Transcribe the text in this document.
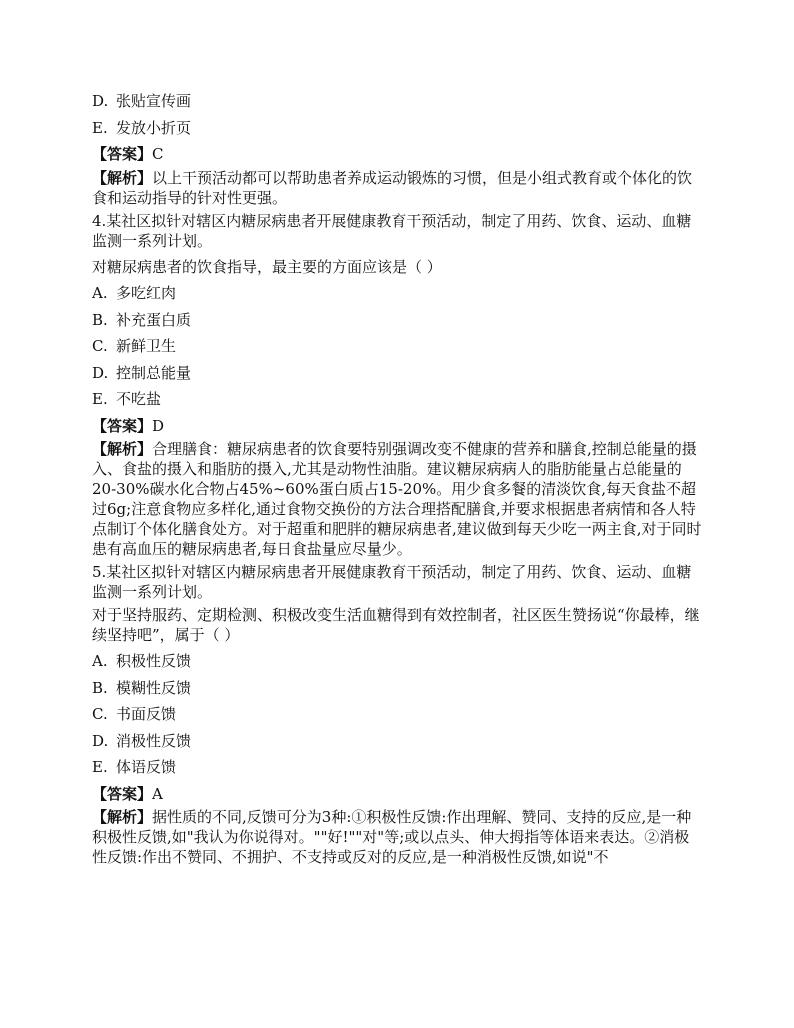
D. 张贴宣传画
E. 发放小折页
【答案】C

【解析】以上干预活动都可以帮助患者养成运动锻炼的习惯，但是小组式教育或个体化的饮食和运动指导的针对性更强。

4.某社区拟针对辖区内糖尿病患者开展健康教育干预活动，制定了用药、饮食、运动、血糖监测一系列计划。

对糖尿病患者的饮食指导，最主要的方面应该是（ ）
A. 多吃红肉
B. 补充蛋白质
C. 新鲜卫生
D. 控制总能量
E. 不吃盐
【答案】D

【解析】合理膳食：糖尿病患者的饮食要特别强调改变不健康的营养和膳食,控制总能量的摄入、食盐的摄入和脂肪的摄入,尤其是动物性油脂。建议糖尿病病人的脂肪能量占总能量的20-30%碳水化合物占45%~60%蛋白质占15-20%。用少食多餐的清淡饮食,每天食盐不超过6g;注意食物应多样化,通过食物交换份的方法合理搭配膳食,并要求根据患者病情和各人特点制订个体化膳食处方。对于超重和肥胖的糖尿病患者,建议做到每天少吃一两主食,对于同时患有高血压的糖尿病患者,每日食盐量应尽量少。

5.某社区拟针对辖区内糖尿病患者开展健康教育干预活动，制定了用药、饮食、运动、血糖监测一系列计划。

对于坚持服药、定期检测、积极改变生活血糖得到有效控制者，社区医生赞扬说“你最棒，继续坚持吧”，属于（ ）

A. 积极性反馈
B. 模糊性反馈
C. 书面反馈
D. 消极性反馈
E. 体语反馈
【答案】A

【解析】据性质的不同,反馈可分为3种:①积极性反馈:作出理解、赞同、支持的反应,是一种积极性反馈,如"我认为你说得对。""好!""对"等;或以点头、伸大拇指等体语来表达。②消极性反馈:作出不赞同、不拥护、不支持或反对的反应,是一种消极性反馈,如说"不
